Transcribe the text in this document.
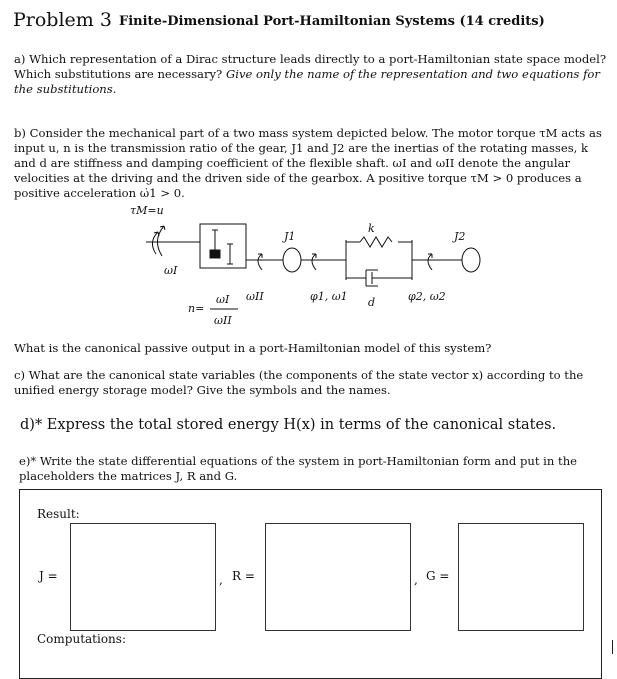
Problem 3 Finite-Dimensional Port-Hamiltonian Systems (14 credits)
a) Which representation of a Dirac structure leads directly to a port-Hamiltonian state space model? Which substitutions are necessary? Give only the name of the representation and two equations for the substitutions.
b) Consider the mechanical part of a two mass system depicted below. The motor torque τM acts as input u, n is the transmission ratio of the gear, J1 and J2 are the inertias of the rotating masses, k and d are stiffness and damping coefficient of the flexible shaft. ωI and ωII denote the angular velocities at the driving and the driven side of the gearbox. A positive torque τM > 0 produces a positive acceleration ω̇1 > 0.
τM=u
ωI
ωI ωII
n=
ωII
J1	J2
k
d
φ1, ω1	φ2, ω2
What is the canonical passive output in a port-Hamiltonian model of this system?
c) What are the canonical state variables (the components of the state vector x) according to the unified energy storage model? Give the symbols and the names.
d)* Express the total stored energy H(x) in terms of the canonical states.
e)* Write the state differential equations of the system in port-Hamiltonian form and put in the placeholders the matrices J, R and G.
Result:
J =	, R =	, G =
Computations:
